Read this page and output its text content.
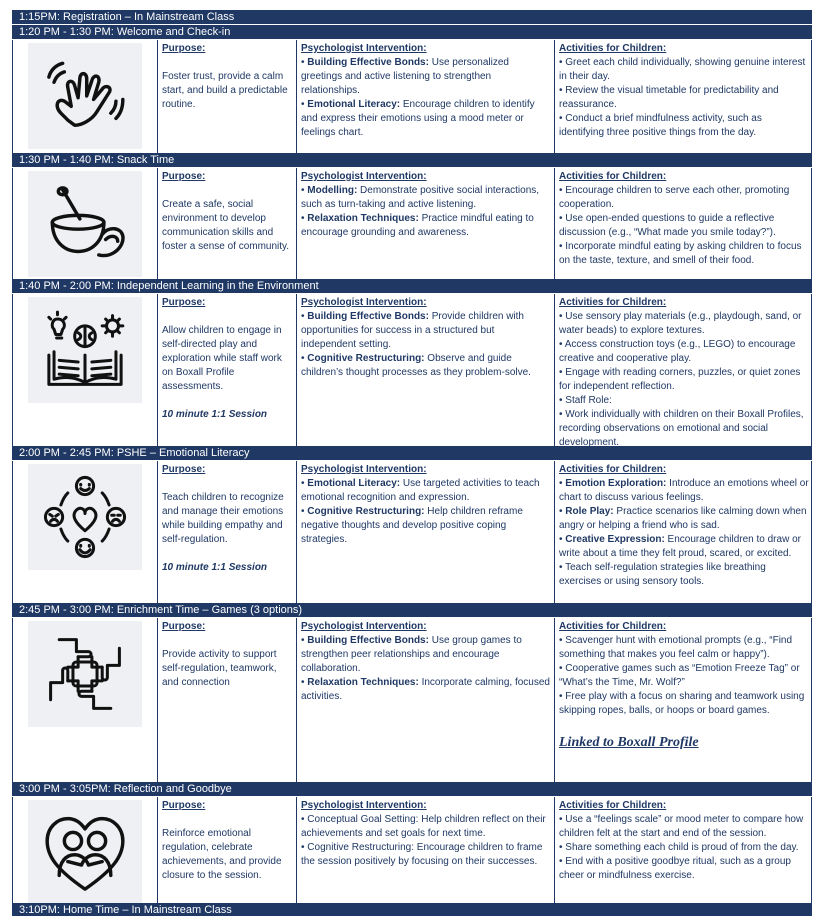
1:15PM: Registration – In Mainstream Class
1:20 PM - 1:30 PM: Welcome and Check-in
Purpose:
Foster trust, provide a calm start, and build a predictable routine.
Psychologist Intervention:
• Building Effective Bonds: Use personalized greetings and active listening to strengthen relationships.
• Emotional Literacy: Encourage children to identify and express their emotions using a mood meter or feelings chart.
Activities for Children:
• Greet each child individually, showing genuine interest in their day.
• Review the visual timetable for predictability and reassurance.
• Conduct a brief mindfulness activity, such as identifying three positive things from the day.
1:30 PM - 1:40 PM: Snack Time
Purpose:
Create a safe, social environment to develop communication skills and foster a sense of community.
Psychologist Intervention:
• Modelling: Demonstrate positive social interactions, such as turn-taking and active listening.
• Relaxation Techniques: Practice mindful eating to encourage grounding and awareness.
Activities for Children:
• Encourage children to serve each other, promoting cooperation.
• Use open-ended questions to guide a reflective discussion (e.g., “What made you smile today?”).
• Incorporate mindful eating by asking children to focus on the taste, texture, and smell of their food.
1:40 PM - 2:00 PM: Independent Learning in the Environment
Purpose:
Allow children to engage in self-directed play and exploration while staff work on Boxall Profile assessments.
10 minute 1:1 Session
Psychologist Intervention:
• Building Effective Bonds: Provide children with opportunities for success in a structured but independent setting.
• Cognitive Restructuring: Observe and guide children’s thought processes as they problem-solve.
Activities for Children:
• Use sensory play materials (e.g., playdough, sand, or water beads) to explore textures.
• Access construction toys (e.g., LEGO) to encourage creative and cooperative play.
• Engage with reading corners, puzzles, or quiet zones for independent reflection.
• Staff Role:
• Work individually with children on their Boxall Profiles, recording observations on emotional and social development.
2:00 PM - 2:45 PM: PSHE – Emotional Literacy
Purpose:
Teach children to recognize and manage their emotions while building empathy and self-regulation.
10 minute 1:1 Session
Psychologist Intervention:
• Emotional Literacy: Use targeted activities to teach emotional recognition and expression.
• Cognitive Restructuring: Help children reframe negative thoughts and develop positive coping strategies.
Activities for Children:
• Emotion Exploration: Introduce an emotions wheel or chart to discuss various feelings.
• Role Play: Practice scenarios like calming down when angry or helping a friend who is sad.
• Creative Expression: Encourage children to draw or write about a time they felt proud, scared, or excited.
• Teach self-regulation strategies like breathing exercises or using sensory tools.
2:45 PM - 3:00 PM: Enrichment Time – Games (3 options)
Purpose:
Provide activity to support self-regulation, teamwork, and connection
Psychologist Intervention:
• Building Effective Bonds: Use group games to strengthen peer relationships and encourage collaboration.
• Relaxation Techniques: Incorporate calming, focused activities.
Activities for Children:
• Scavenger hunt with emotional prompts (e.g., “Find something that makes you feel calm or happy”).
• Cooperative games such as “Emotion Freeze Tag” or “What’s the Time, Mr. Wolf?”
• Free play with a focus on sharing and teamwork using skipping ropes, balls, or hoops or board games.
Linked to Boxall Profile
3:00 PM - 3:05PM: Reflection and Goodbye
Purpose:
Reinforce emotional regulation, celebrate achievements, and provide closure to the session.
Psychologist Intervention:
• Conceptual Goal Setting: Help children reflect on their achievements and set goals for next time.
• Cognitive Restructuring: Encourage children to frame the session positively by focusing on their successes.
Activities for Children:
• Use a “feelings scale” or mood meter to compare how children felt at the start and end of the session.
• Share something each child is proud of from the day.
• End with a positive goodbye ritual, such as a group cheer or mindfulness exercise.
3:10PM: Home Time – In Mainstream Class
